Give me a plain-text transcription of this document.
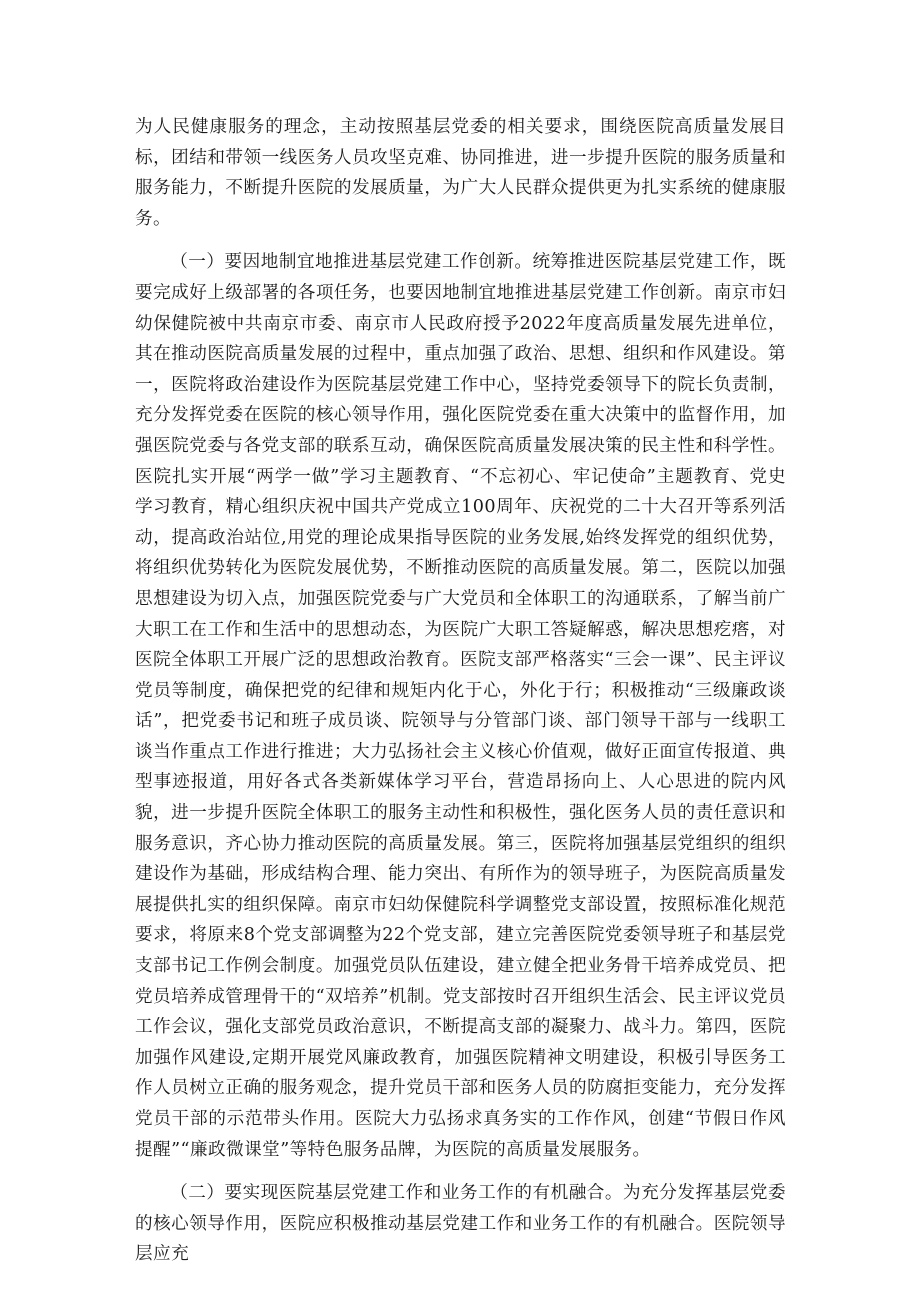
为人民健康服务的理念，主动按照基层党委的相关要求，围绕医院高质量发展目标，团结和带领一线医务人员攻坚克难、协同推进，进一步提升医院的服务质量和服务能力，不断提升医院的发展质量，为广大人民群众提供更为扎实系统的健康服务。

（一）要因地制宜地推进基层党建工作创新。统筹推进医院基层党建工作，既要完成好上级部署的各项任务，也要因地制宜地推进基层党建工作创新。南京市妇幼保健院被中共南京市委、南京市人民政府授予2022年度高质量发展先进单位，其在推动医院高质量发展的过程中，重点加强了政治、思想、组织和作风建设。第一，医院将政治建设作为医院基层党建工作中心，坚持党委领导下的院长负责制，充分发挥党委在医院的核心领导作用，强化医院党委在重大决策中的监督作用，加强医院党委与各党支部的联系互动，确保医院高质量发展决策的民主性和科学性。医院扎实开展“两学一做”学习主题教育、“不忘初心、牢记使命”主题教育、党史学习教育，精心组织庆祝中国共产党成立100周年、庆祝党的二十大召开等系列活动，提高政治站位,用党的理论成果指导医院的业务发展,始终发挥党的组织优势，将组织优势转化为医院发展优势，不断推动医院的高质量发展。第二，医院以加强思想建设为切入点，加强医院党委与广大党员和全体职工的沟通联系，了解当前广大职工在工作和生活中的思想动态，为医院广大职工答疑解惑，解决思想疙瘩，对医院全体职工开展广泛的思想政治教育。医院支部严格落实“三会一课”、民主评议党员等制度，确保把党的纪律和规矩内化于心，外化于行；积极推动“三级廉政谈话”，把党委书记和班子成员谈、院领导与分管部门谈、部门领导干部与一线职工谈当作重点工作进行推进；大力弘扬社会主义核心价值观，做好正面宣传报道、典型事迹报道，用好各式各类新媒体学习平台，营造昂扬向上、人心思进的院内风貌，进一步提升医院全体职工的服务主动性和积极性，强化医务人员的责任意识和服务意识，齐心协力推动医院的高质量发展。第三，医院将加强基层党组织的组织建设作为基础，形成结构合理、能力突出、有所作为的领导班子，为医院高质量发展提供扎实的组织保障。南京市妇幼保健院科学调整党支部设置，按照标准化规范要求，将原来8个党支部调整为22个党支部，建立完善医院党委领导班子和基层党支部书记工作例会制度。加强党员队伍建设，建立健全把业务骨干培养成党员、把党员培养成管理骨干的“双培养”机制。党支部按时召开组织生活会、民主评议党员工作会议，强化支部党员政治意识，不断提高支部的凝聚力、战斗力。第四，医院加强作风建设,定期开展党风廉政教育，加强医院精神文明建设，积极引导医务工作人员树立正确的服务观念，提升党员干部和医务人员的防腐拒变能力，充分发挥党员干部的示范带头作用。医院大力弘扬求真务实的工作作风，创建“节假日作风提醒”“廉政微课堂”等特色服务品牌，为医院的高质量发展服务。

（二）要实现医院基层党建工作和业务工作的有机融合。为充分发挥基层党委的核心领导作用，医院应积极推动基层党建工作和业务工作的有机融合。医院领导层应充
